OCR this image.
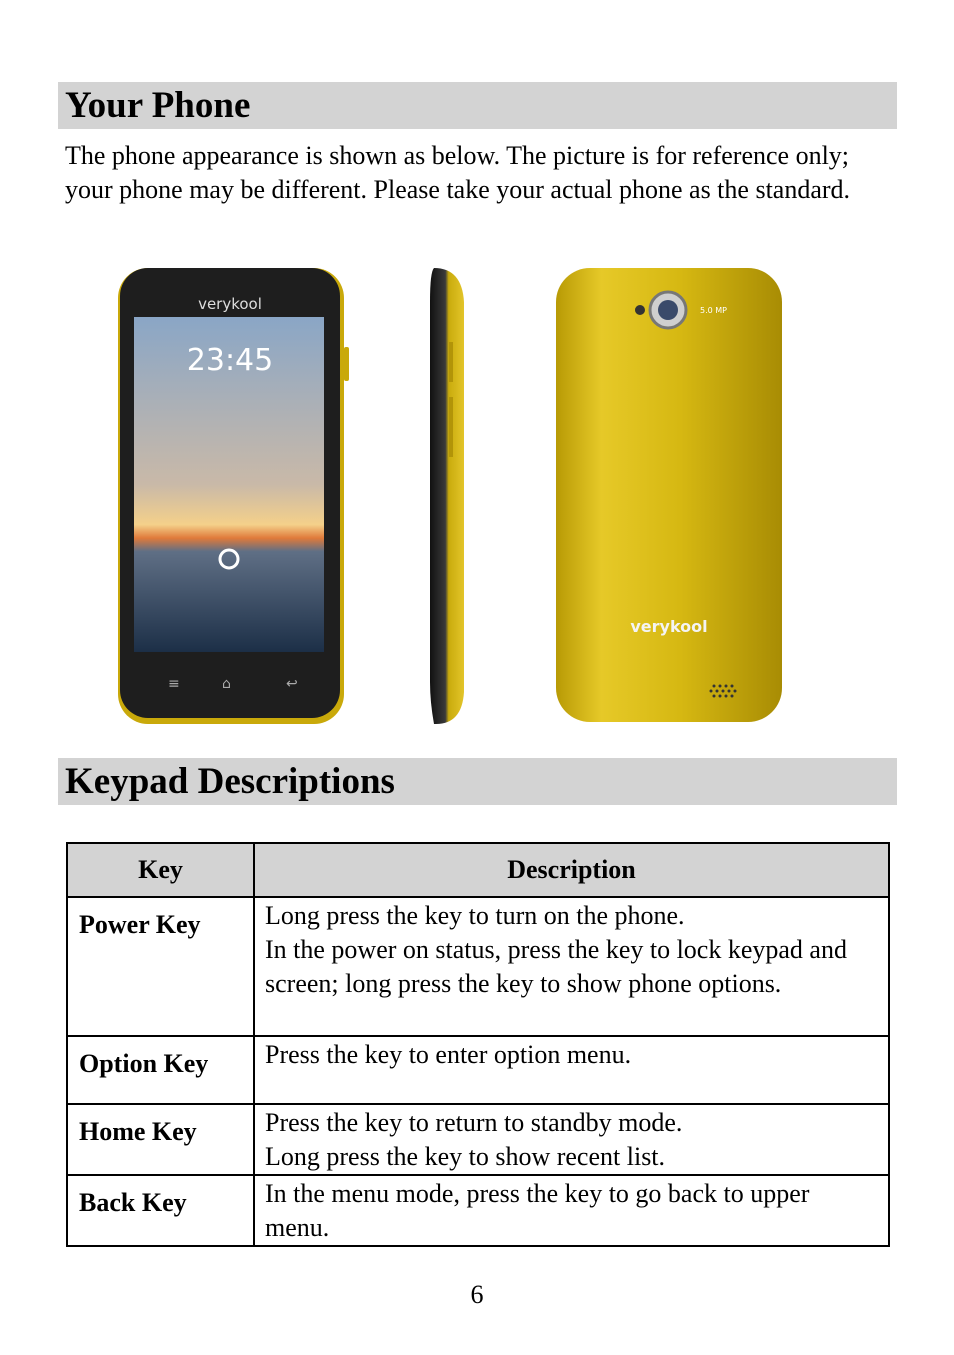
Your Phone

The phone appearance is shown as below. The picture is for reference only; your phone may be different. Please take your actual phone as the standard.

verykool
23:45
≡	⌂	↩
5.0 MP
verykool
Keypad Descriptions
Key	Description
Power Key	Long press the key to turn on the phone.
In the power on status, press the key to lock keypad and screen; long press the key to show phone options.

Option Key	Press the key to enter option menu.

Home Key	Press the key to return to standby mode.
Long press the key to show recent list.

Back Key	In the menu mode, press the key to go back to upper menu.
6
